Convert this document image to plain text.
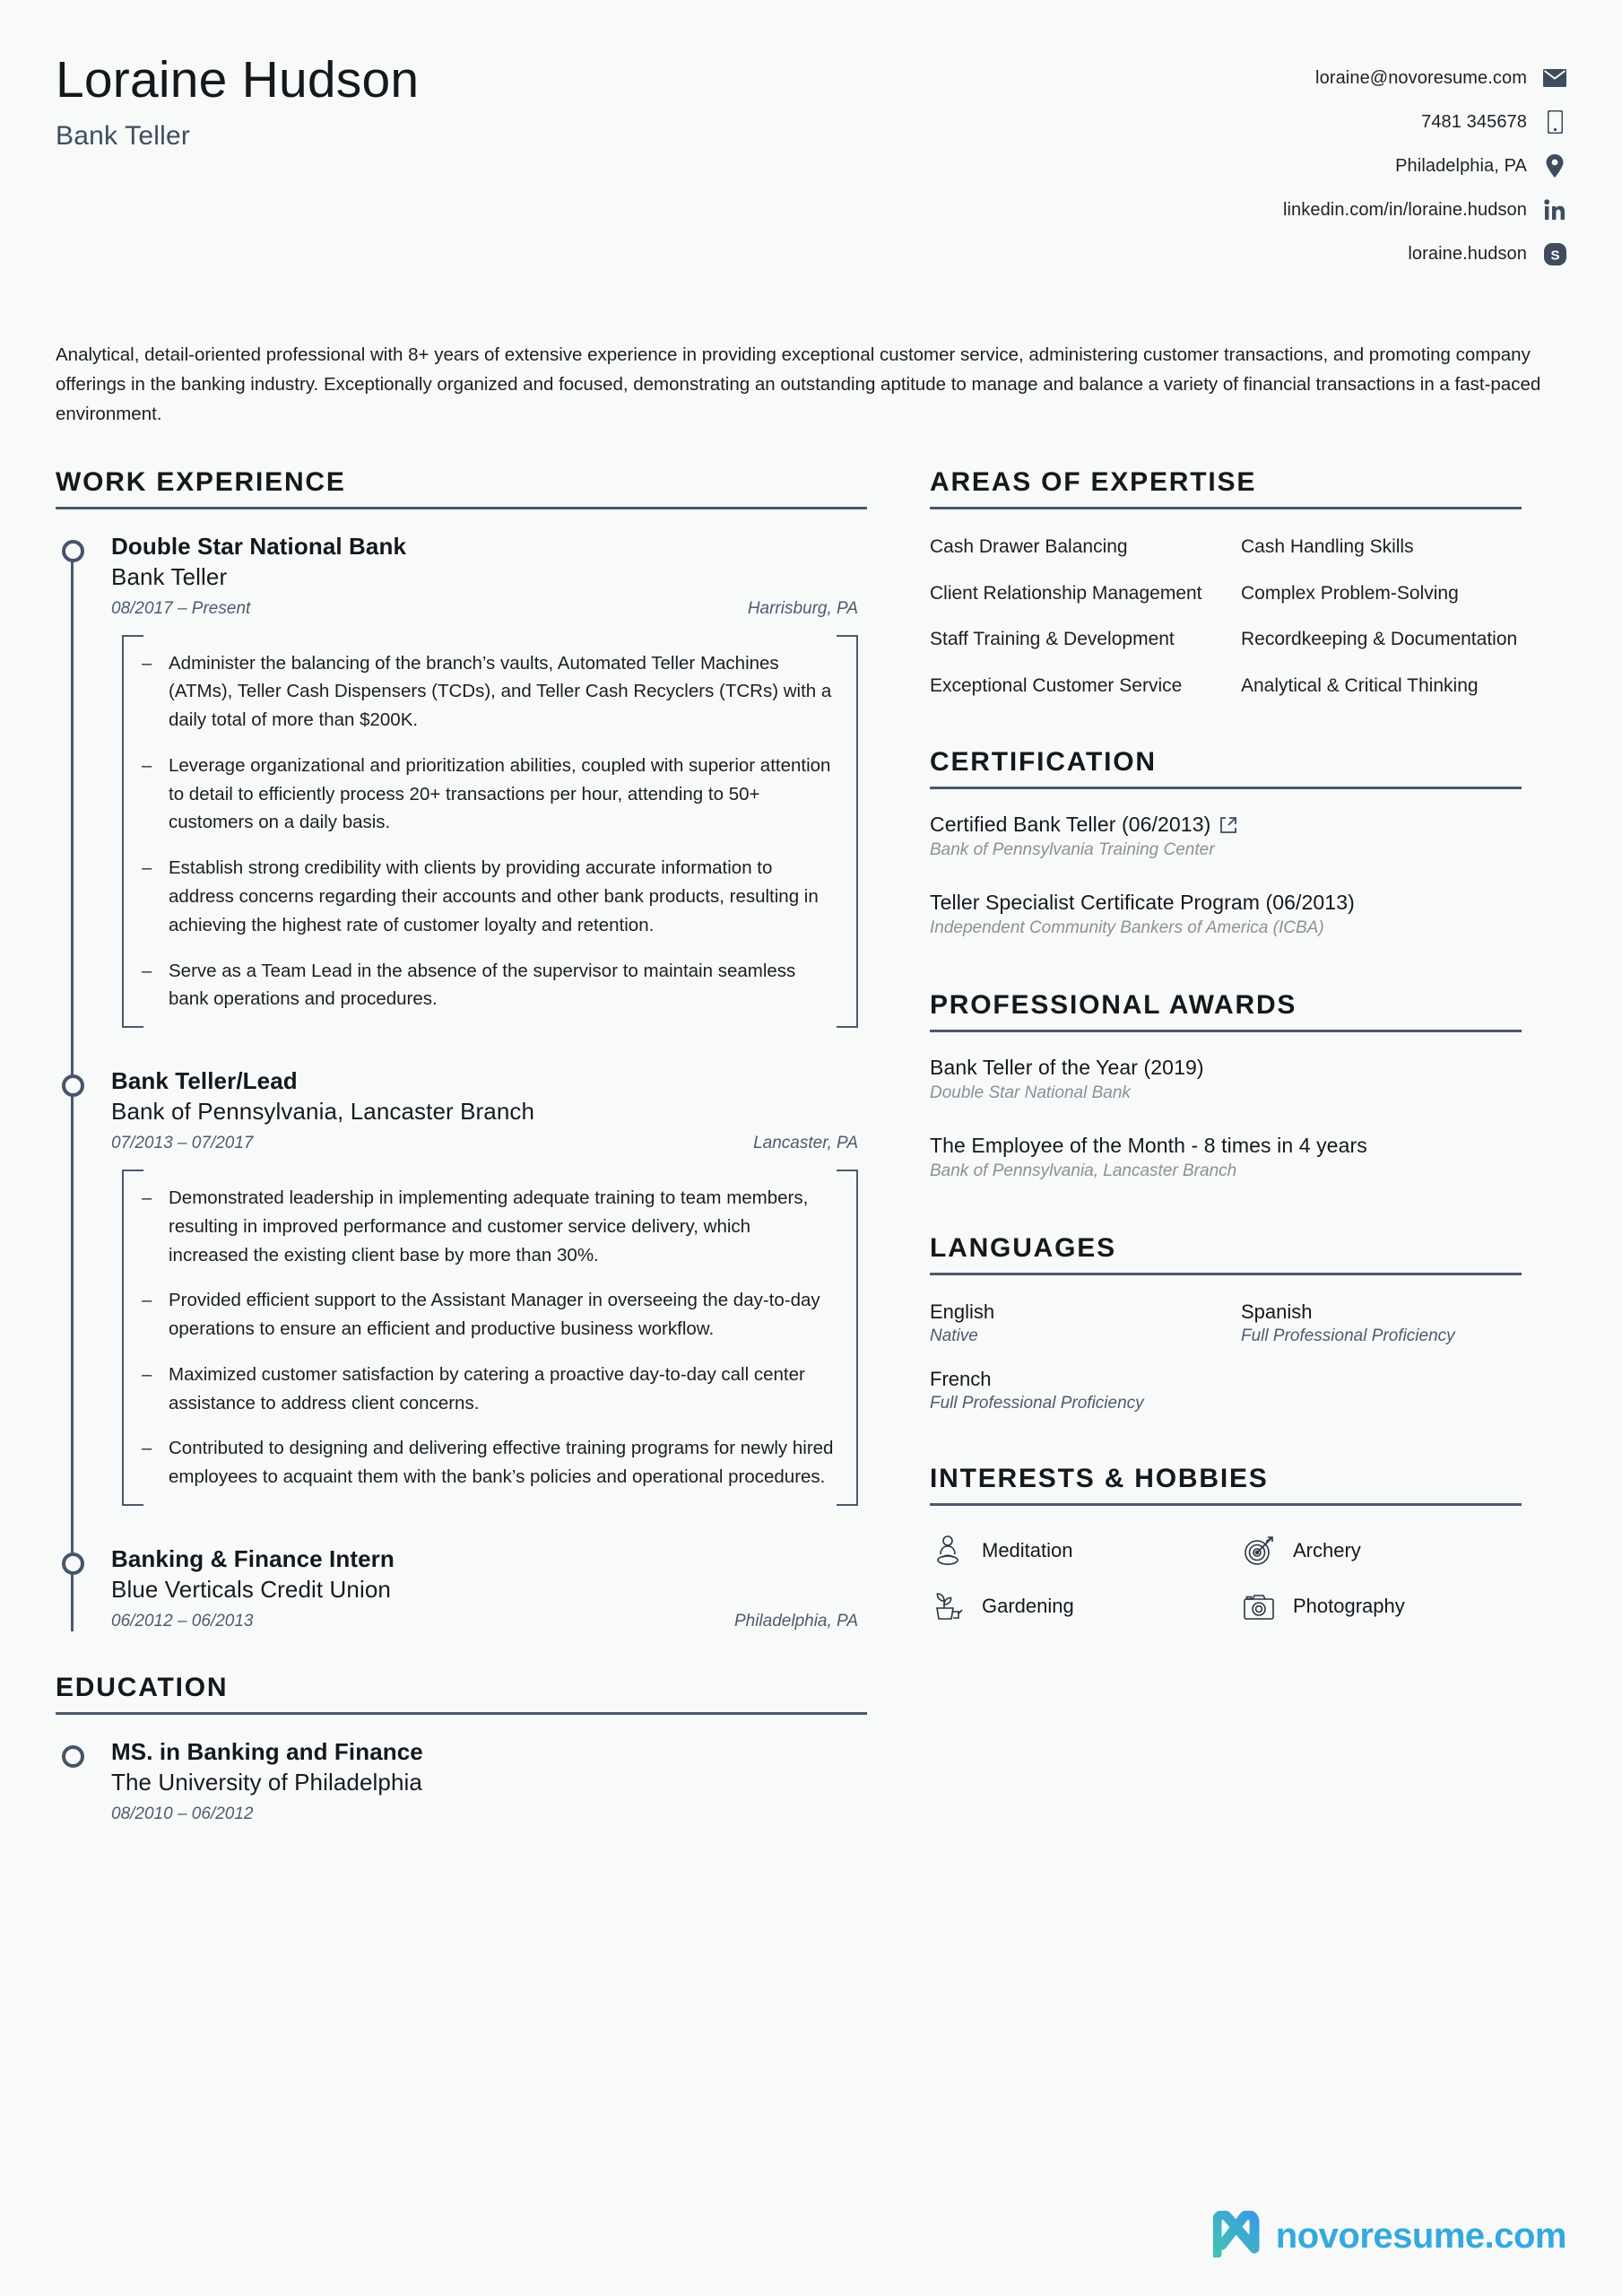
Loraine Hudson
Bank Teller
loraine@novoresume.com
7481 345678
Philadelphia, PA
linkedin.com/in/loraine.hudson
loraine.hudson S
Analytical, detail-oriented professional with 8+ years of extensive experience in providing exceptional customer service, administering customer transactions, and promoting company offerings in the banking industry. Exceptionally organized and focused, demonstrating an outstanding aptitude to manage and balance a variety of financial transactions in a fast-paced environment.
WORK EXPERIENCE
Double Star National Bank
Bank Teller
08/2017 – Present	Harrisburg, PA
– Administer the balancing of the branch’s vaults, Automated Teller Machines (ATMs), Teller Cash Dispensers (TCDs), and Teller Cash Recyclers (TCRs) with a daily total of more than $200K.
– Leverage organizational and prioritization abilities, coupled with superior attention to detail to efficiently process 20+ transactions per hour, attending to 50+ customers on a daily basis.
– Establish strong credibility with clients by providing accurate information to address concerns regarding their accounts and other bank products, resulting in achieving the highest rate of customer loyalty and retention.
– Serve as a Team Lead in the absence of the supervisor to maintain seamless bank operations and procedures.
Bank Teller/Lead
Bank of Pennsylvania, Lancaster Branch
07/2013 – 07/2017	Lancaster, PA
– Demonstrated leadership in implementing adequate training to team members, resulting in improved performance and customer service delivery, which increased the existing client base by more than 30%.
– Provided efficient support to the Assistant Manager in overseeing the day-to-day operations to ensure an efficient and productive business workflow.
– Maximized customer satisfaction by catering a proactive day-to-day call center assistance to address client concerns.
– Contributed to designing and delivering effective training programs for newly hired employees to acquaint them with the bank’s policies and operational procedures.
Banking & Finance Intern
Blue Verticals Credit Union
06/2012 – 06/2013	Philadelphia, PA
EDUCATION
MS. in Banking and Finance
The University of Philadelphia
08/2010 – 06/2012
AREAS OF EXPERTISE
Cash Drawer Balancing	Cash Handling Skills
Client Relationship Management	Complex Problem-Solving
Staff Training & Development	Recordkeeping & Documentation
Exceptional Customer Service	Analytical & Critical Thinking
CERTIFICATION
Certified Bank Teller (06/2013)
Bank of Pennsylvania Training Center
Teller Specialist Certificate Program (06/2013)
Independent Community Bankers of America (ICBA)
PROFESSIONAL AWARDS
Bank Teller of the Year (2019)
Double Star National Bank
The Employee of the Month - 8 times in 4 years
Bank of Pennsylvania, Lancaster Branch
LANGUAGES
English
Native
Spanish
Full Professional Proficiency
French
Full Professional Proficiency
INTERESTS & HOBBIES
Meditation	Archery
Gardening	Photography
novoresume.com
